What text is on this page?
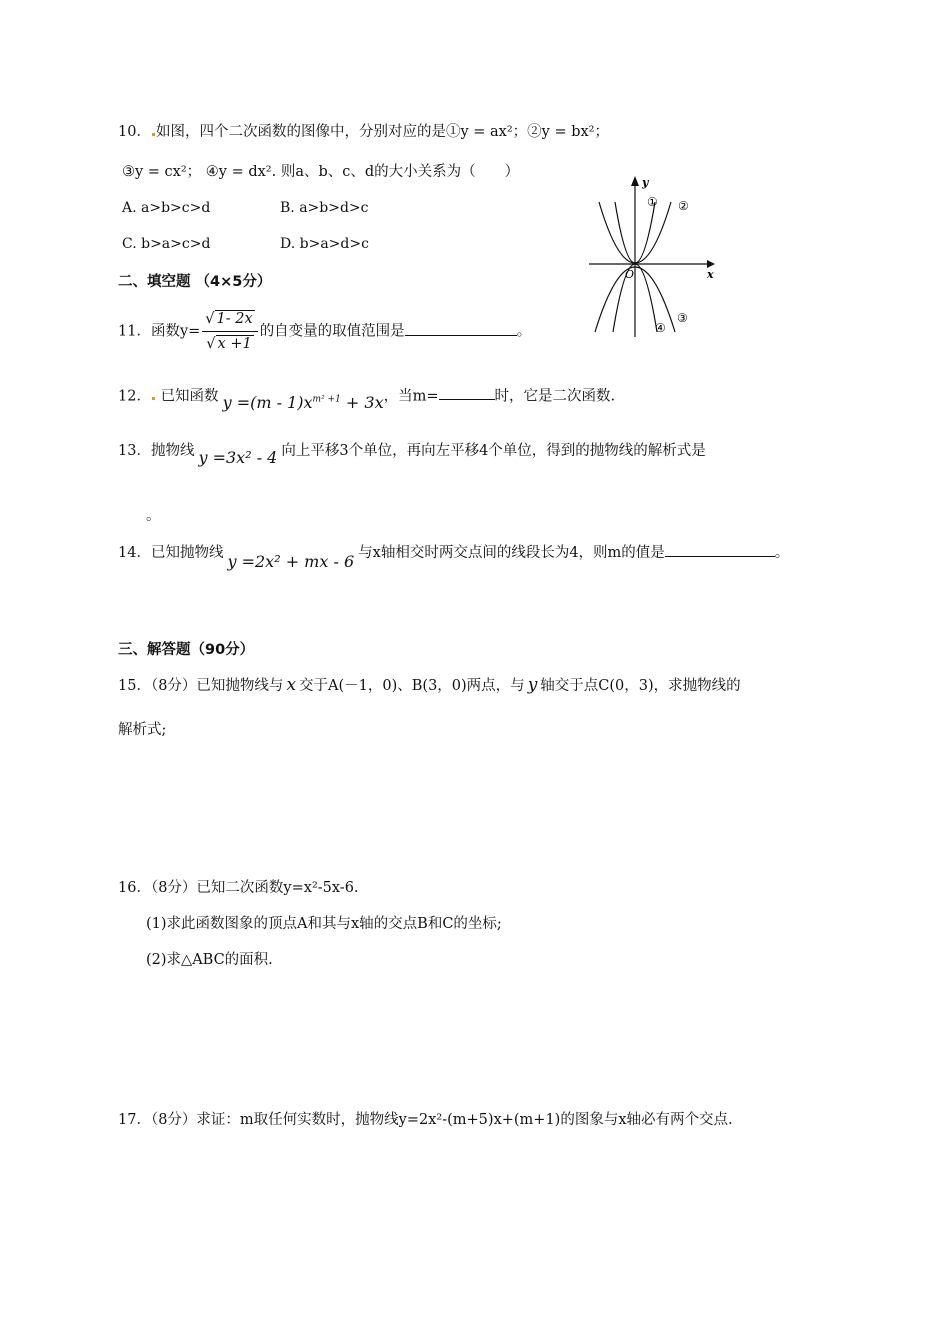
10． 如图，四个二次函数的图像中，分别对应的是①y = ax²；②y = bx²；
③y = cx²； ④y = dx². 则a、b、c、d的大小关系为（　　）
A. a>b>c>d	B. a>b>d>c
C. b>a>c>d	D. b>a>d>c
y
x
O
① ②
③
④
二、填空题 （4×5分）
11．函数$y= \frac{√ 1- 2x}{√ x +1}$ 的自变量的取值范围是	。
12． 已知函数 $y =(m - 1)x^{m^2 +1} + 3x$，当m=	时，它是二次函数.
13．抛物线 y =3x² - 4 向上平移3个单位，再向左平移4个单位，得到的抛物线的解析式是
。
14．已知抛物线 y =2x² + mx - 6 与x轴相交时两交点间的线段长为4，则m的值是	。
三、解答题（90分）
15．（8分）已知抛物线与 x 交于A(－1，0)、B(3，0)两点，与 y 轴交于点C(0，3)，求抛物线的
解析式;
16．（8分）已知二次函数y=x²-5x-6.
(1)求此函数图象的顶点A和其与x轴的交点B和C的坐标;
(2)求△ABC的面积.
17．（8分）求证：m取任何实数时，抛物线y=2x²-(m+5)x+(m+1)的图象与x轴必有两个交点.
